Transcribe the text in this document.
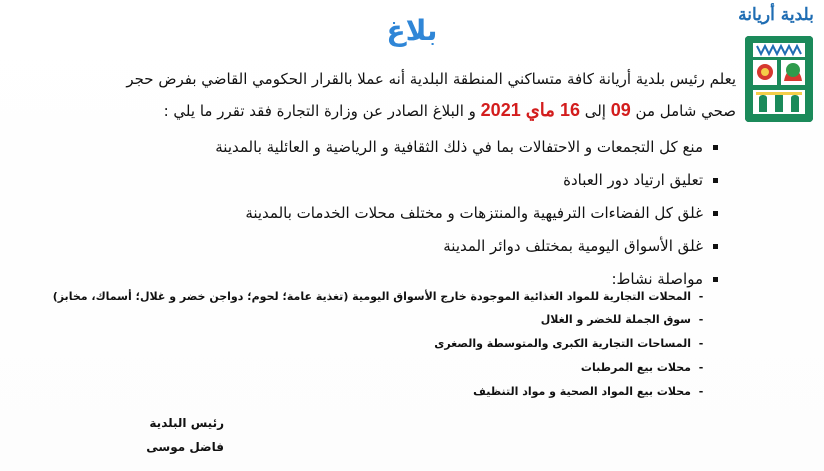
بلدية أريانة
بلاغ
يعلم رئيس بلدية أريانة كافة متساكني المنطقة البلدية أنه عملا بالقرار الحكومي القاضي بفرض حجر
صحي شامل من 09 إلى 16 ماي 2021 و البلاغ الصادر عن وزارة التجارة فقد تقرر ما يلي :
منع كل التجمعات و الاحتفالات بما في ذلك الثقافية و الرياضية و العائلية بالمدينة
تعليق ارتياد دور العبادة
غلق كل الفضاءات الترفيهية والمنتزهات و مختلف محلات الخدمات بالمدينة
غلق الأسواق اليومية بمختلف دوائر المدينة
مواصلة نشاط:
-
المحلات التجارية للمواد الغذائية الموجودة خارج الأسواق اليومية (تغذية عامة؛ لحوم؛ دواجن خضر و غلال؛ أسماك، مخابز)
-
سوق الجملة للخضر و الغلال
-
المساحات التجارية الكبرى والمتوسطة والصغرى
-
محلات بيع المرطبات
-
محلات بيع المواد الصحية و مواد التنظيف
رئيس البلدية
فاضل موسى
